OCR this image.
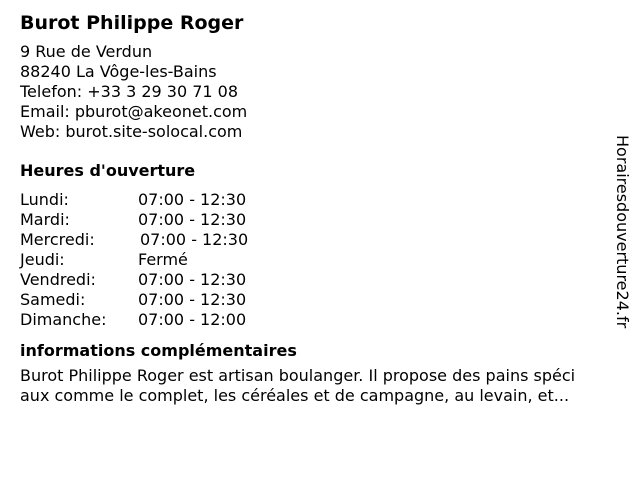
Burot Philippe Roger
9 Rue de Verdun
88240 La Vôge-les-Bains
Telefon: +33 3 29 30 71 08
Email: pburot@akeonet.com
Web: burot.site-solocal.com
Heures d'ouverture
Lundi:	07:00 - 12:30
Mardi:	07:00 - 12:30
Mercredi:	07:00 - 12:30
Jeudi:	Fermé
Vendredi:	07:00 - 12:30
Samedi:	07:00 - 12:30
Dimanche: 07:00 - 12:00
informations complémentaires
Burot Philippe Roger est artisan boulanger. Il propose des pains spéci
aux comme le complet, les céréales et de campagne, au levain, et...
Horairesdouverture24.fr
